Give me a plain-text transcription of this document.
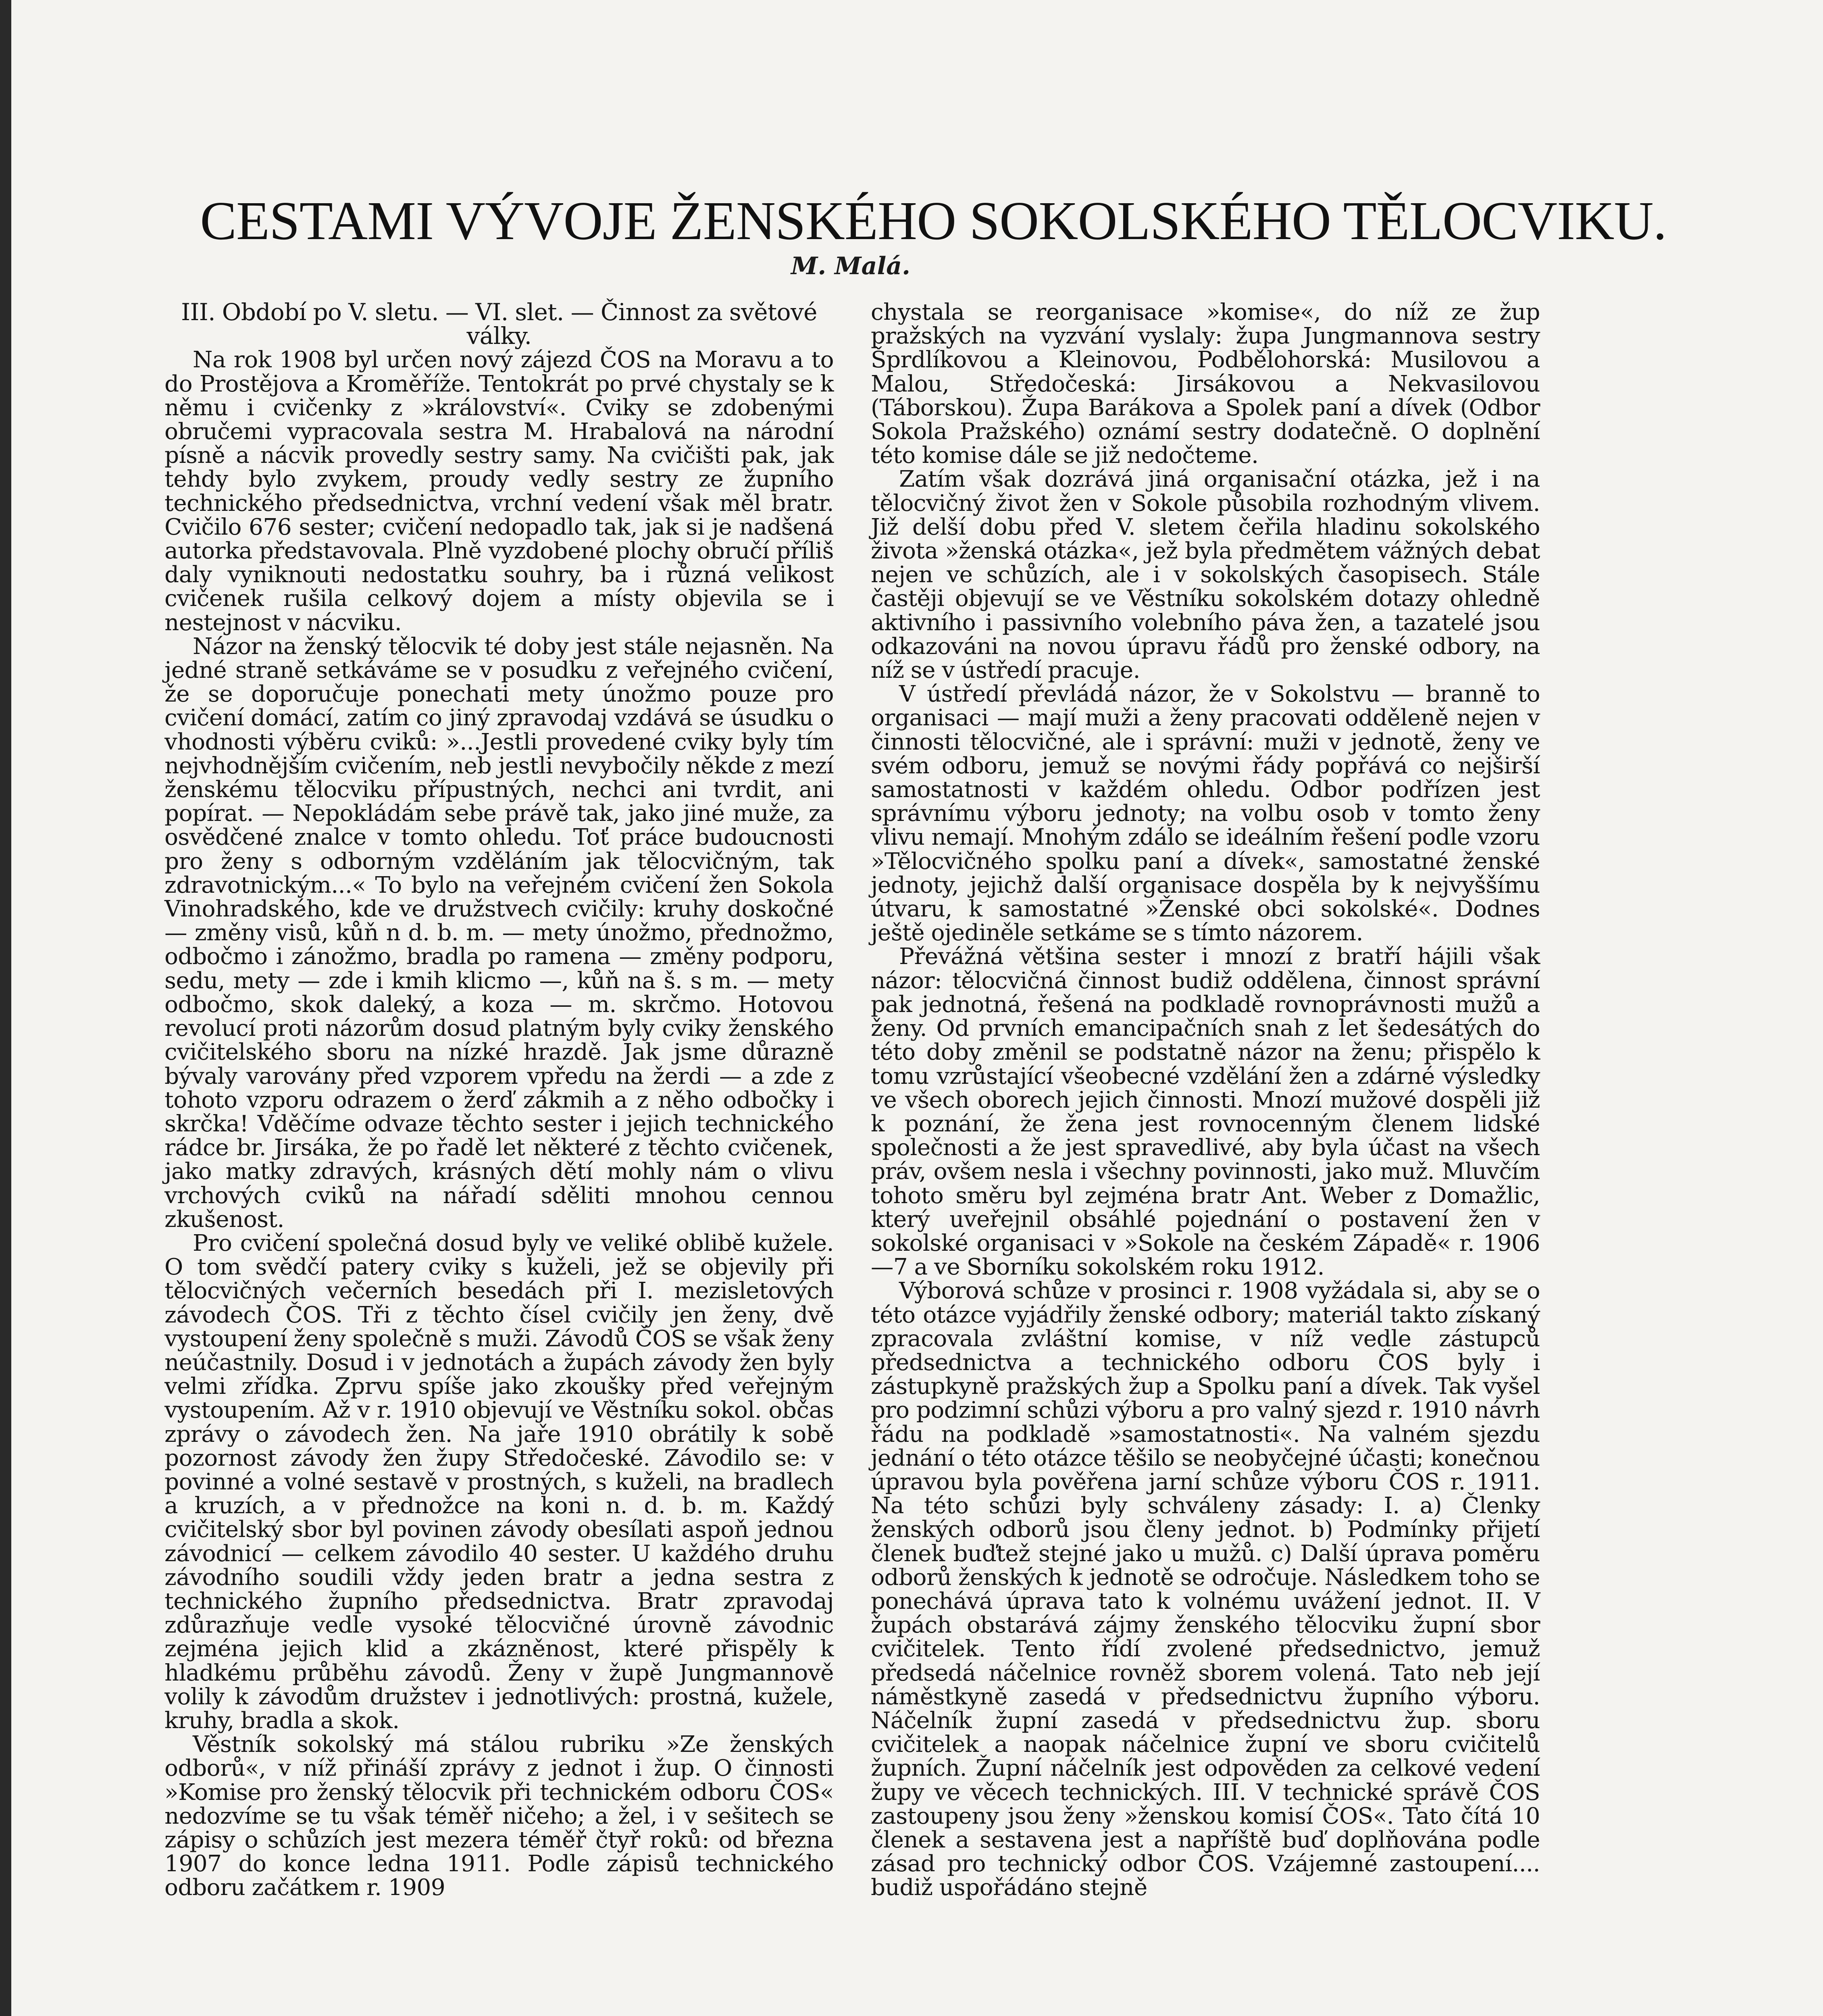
CESTAMI VÝVOJE ŽENSKÉHO SOKOLSKÉHO TĚLOCVIKU.
M. Malá.

III. Období po V. sletu. — VI. slet. — Činnost za světové války.

Na rok 1908 byl určen nový zájezd ČOS na Moravu a to do Prostějova a Kroměříže. Tentokrát po prvé chystaly se k němu i cvičenky z »království«. Cviky se zdobenými obručemi vypracovala sestra M. Hrabalová na národní písně a nácvik provedly sestry samy. Na cvičišti pak, jak tehdy bylo zvykem, proudy vedly sestry ze župního technického předsednictva, vrchní vedení však měl bratr. Cvičilo 676 sester; cvičení nedopadlo tak, jak si je nadšená autorka představovala. Plně vyzdobené plochy obručí příliš daly vyniknouti nedostatku souhry, ba i různá velikost cvičenek rušila celkový dojem a místy objevila se i nestejnost v nácviku.

Názor na ženský tělocvik té doby jest stále nejasněn. Na jedné straně setkáváme se v posudku z veřejného cvičení, že se doporučuje ponechati mety únožmo pouze pro cvičení domácí, zatím co jiný zpravodaj vzdává se úsudku o vhodnosti výběru cviků: »...Jestli provedené cviky byly tím nejvhodnějším cvičením, neb jestli nevybočily někde z mezí ženskému tělocviku přípustných, nechci ani tvrdit, ani popírat. — Nepokládám sebe právě tak, jako jiné muže, za osvědčené znalce v tomto ohledu. Toť práce budoucnosti pro ženy s odborným vzděláním jak tělocvičným, tak zdravotnickým...« To bylo na veřejném cvičení žen Sokola Vinohradského, kde ve družstvech cvičily: kruhy doskočné — změny visů, kůň n d. b. m. — mety únožmo, přednožmo, odbočmo i zánožmo, bradla po ramena — změny podporu, sedu, mety — zde i kmih klicmo —, kůň na š. s m. — mety odbočmo, skok daleký, a koza — m. skrčmo. Hotovou revolucí proti názorům dosud platným byly cviky ženského cvičitelského sboru na nízké hrazdě. Jak jsme důrazně bývaly varovány před vzporem vpředu na žerdi — a zde z tohoto vzporu odrazem o žerď zákmih a z něho odbočky i skrčka! Vděčíme odvaze těchto sester i jejich technického rádce br. Jirsáka, že po řadě let některé z těchto cvičenek, jako matky zdravých, krásných dětí mohly nám o vlivu vrchových cviků na nářadí sděliti mnohou cennou zkušenost.

Pro cvičení společná dosud byly ve veliké oblibě kužele. O tom svědčí patery cviky s kuželi, jež se objevily při tělocvičných večerních besedách při I. mezisletových závodech ČOS. Tři z těchto čísel cvičily jen ženy, dvě vystoupení ženy společně s muži. Závodů ČOS se však ženy neúčastnily. Dosud i v jednotách a župách závody žen byly velmi zřídka. Zprvu spíše jako zkoušky před veřejným vystoupením. Až v r. 1910 objevují ve Věstníku sokol. občas zprávy o závodech žen. Na jaře 1910 obrátily k sobě pozornost závody žen župy Středočeské. Závodilo se: v povinné a volné sestavě v prostných, s kuželi, na bradlech a kruzích, a v přednožce na koni n. d. b. m. Každý cvičitelský sbor byl povinen závody obesílati aspoň jednou závodnicí — celkem závodilo 40 sester. U každého druhu závodního soudili vždy jeden bratr a jedna sestra z technického župního předsednictva. Bratr zpravodaj zdůrazňuje vedle vysoké tělocvičné úrovně závodnic zejména jejich klid a zkázněnost, které přispěly k hladkému průběhu závodů. Ženy v župě Jungmannově volily k závodům družstev i jednotlivých: prostná, kužele, kruhy, bradla a skok.

Věstník sokolský má stálou rubriku »Ze ženských odborů«, v níž přináší zprávy z jednot i žup. O činnosti »Komise pro ženský tělocvik při technickém odboru ČOS« nedozvíme se tu však téměř ničeho; a žel, i v sešitech se zápisy o schůzích jest mezera téměř čtyř roků: od března 1907 do konce ledna 1911. Podle zápisů technického odboru začátkem r. 1909

chystala se reorganisace »komise«, do níž ze žup pražských na vyzvání vyslaly: župa Jungmannova sestry Šprdlíkovou a Kleinovou, Podbělohorská: Musilovou a Malou, Středočeská: Jirsákovou a Nekvasilovou (Táborskou). Župa Barákova a Spolek paní a dívek (Odbor Sokola Pražského) oznámí sestry dodatečně. O doplnění této komise dále se již nedočteme.

Zatím však dozrává jiná organisační otázka, jež i na tělocvičný život žen v Sokole působila rozhodným vlivem. Již delší dobu před V. sletem čeřila hladinu sokolského života »ženská otázka«, jež byla předmětem vážných debat nejen ve schůzích, ale i v sokolských časopisech. Stále častěji objevují se ve Věstníku sokolském dotazy ohledně aktivního i passivního volebního páva žen, a tazatelé jsou odkazováni na novou úpravu řádů pro ženské odbory, na níž se v ústředí pracuje.

V ústředí převládá názor, že v Sokolstvu — branně to organisaci — mají muži a ženy pracovati odděleně nejen v činnosti tělocvičné, ale i správní: muži v jednotě, ženy ve svém odboru, jemuž se novými řády popřává co nejširší samostatnosti v každém ohledu. Odbor podřízen jest správnímu výboru jednoty; na volbu osob v tomto ženy vlivu nemají. Mnohým zdálo se ideálním řešení podle vzoru »Tělocvičného spolku paní a dívek«, samostatné ženské jednoty, jejichž další organisace dospěla by k nejvyššímu útvaru, k samostatné »Ženské obci sokolské«. Dodnes ještě ojediněle setkáme se s tímto názorem.

Převážná většina sester i mnozí z bratří hájili však názor: tělocvičná činnost budiž oddělena, činnost správní pak jednotná, řešená na podkladě rovnoprávnosti mužů a ženy. Od prvních emancipačních snah z let šedesátých do této doby změnil se podstatně názor na ženu; přispělo k tomu vzrůstající všeobecné vzdělání žen a zdárné výsledky ve všech oborech jejich činnosti. Mnozí mužové dospěli již k poznání, že žena jest rovnocenným členem lidské společnosti a že jest spravedlivé, aby byla účast na všech práv, ovšem nesla i všechny povinnosti, jako muž. Mluvčím tohoto směru byl zejména bratr Ant. Weber z Domažlic, který uveřejnil obsáhlé pojednání o postavení žen v sokolské organisaci v »Sokole na českém Západě« r. 1906—7 a ve Sborníku sokolském roku 1912.

Výborová schůze v prosinci r. 1908 vyžádala si, aby se o této otázce vyjádřily ženské odbory; materiál takto získaný zpracovala zvláštní komise, v níž vedle zástupců předsednictva a technického odboru ČOS byly i zástupkyně pražských žup a Spolku paní a dívek. Tak vyšel pro podzimní schůzi výboru a pro valný sjezd r. 1910 návrh řádu na podkladě »samostatnosti«. Na valném sjezdu jednání o této otázce těšilo se neobyčejné účasti; konečnou úpravou byla pověřena jarní schůze výboru ČOS r. 1911. Na této schůzi byly schváleny zásady: I. a) Členky ženských odborů jsou členy jednot. b) Podmínky přijetí členek buďtež stejné jako u mužů. c) Další úprava poměru odborů ženských k jednotě se odročuje. Následkem toho se ponechává úprava tato k volnému uvážení jednot. II. V župách obstarává zájmy ženského tělocviku župní sbor cvičitelek. Tento řídí zvolené předsednictvo, jemuž předsedá náčelnice rovněž sborem volená. Tato neb její náměstkyně zasedá v předsednictvu župního výboru. Náčelník župní zasedá v předsednictvu žup. sboru cvičitelek a naopak náčelnice župní ve sboru cvičitelů župních. Župní náčelník jest odpověden za celkové vedení župy ve věcech technických. III. V technické správě ČOS zastoupeny jsou ženy »ženskou komisí ČOS«. Tato čítá 10 členek a sestavena jest a napříště buď doplňována podle zásad pro technický odbor ČOS. Vzájemné zastoupení.... budiž uspořádáno stejně
